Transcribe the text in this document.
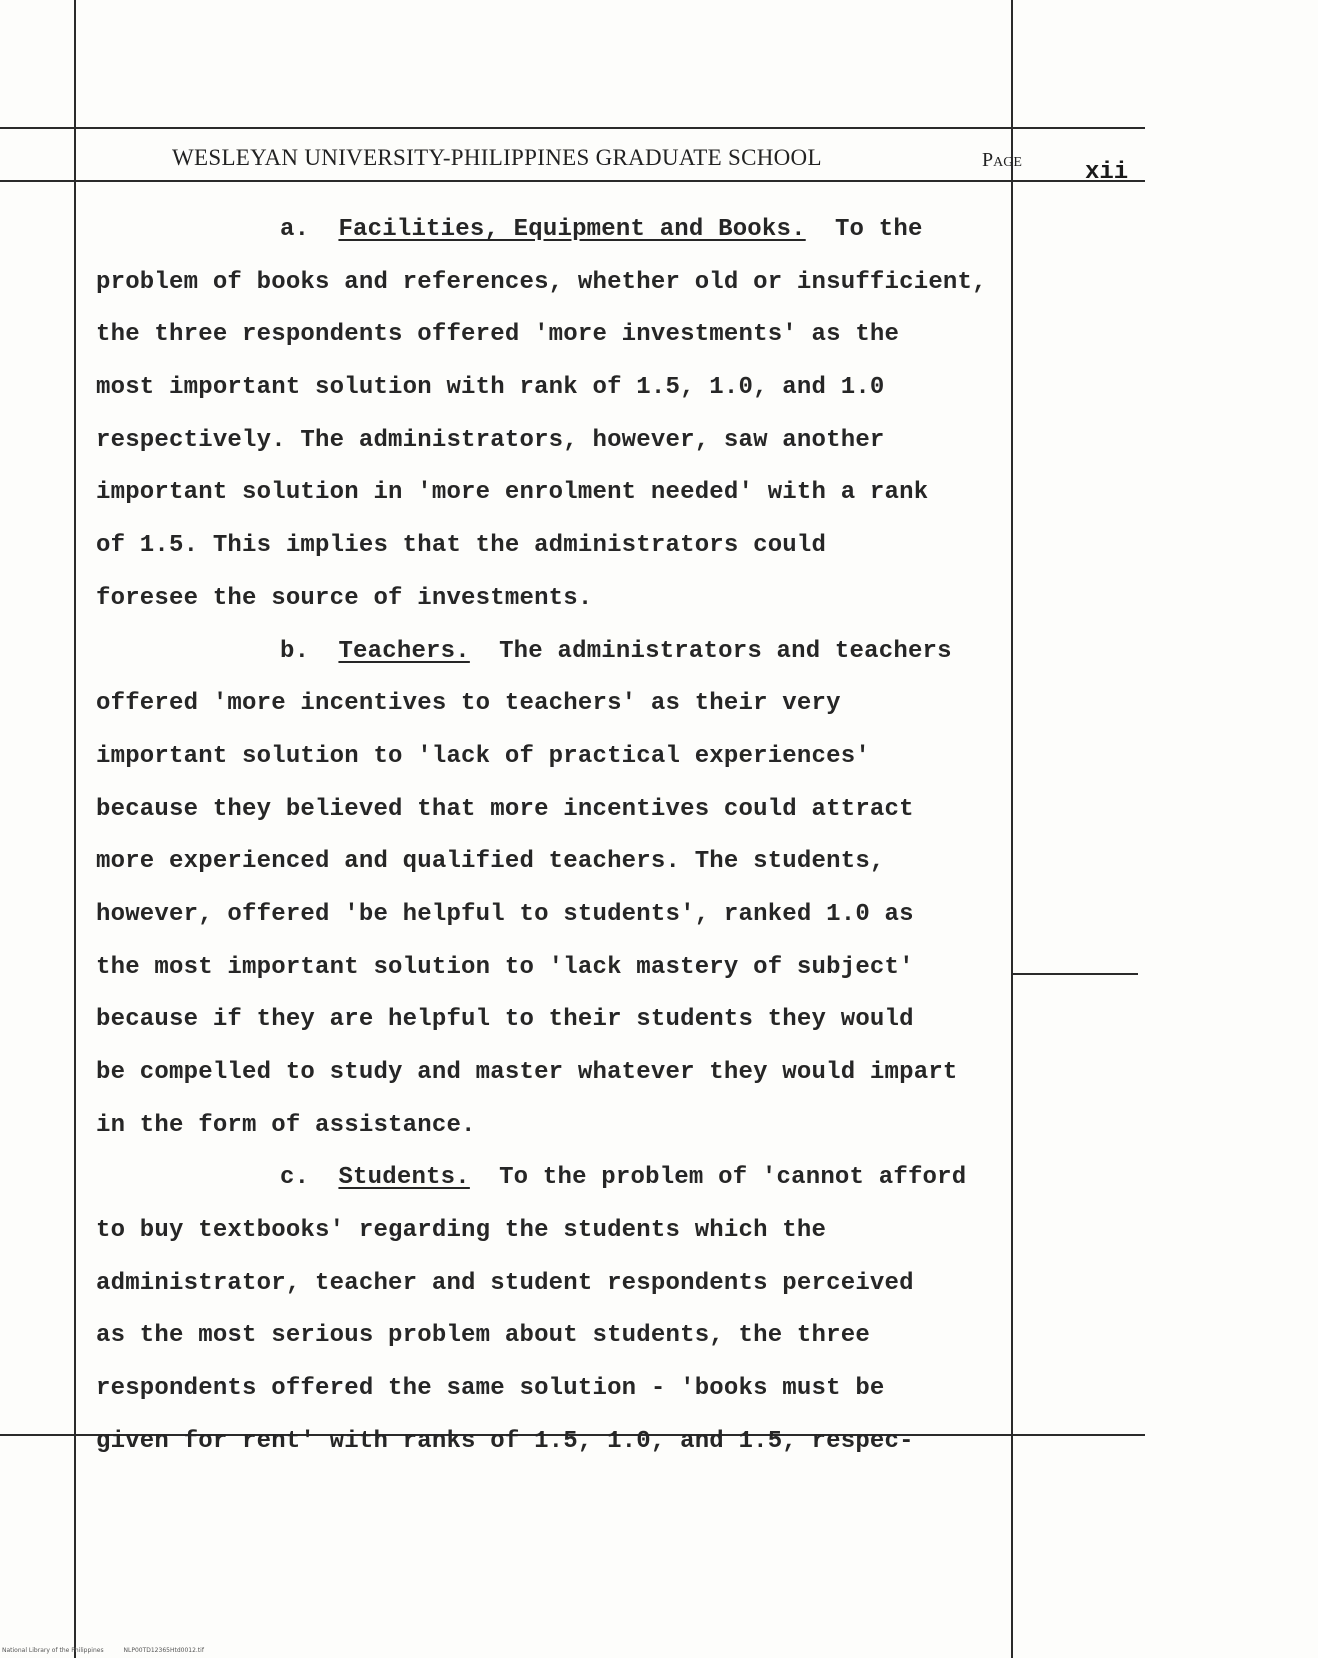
WESLEYAN UNIVERSITY-PHILIPPINES GRADUATE SCHOOL	Page	xii
a. Facilities, Equipment and Books. To the
problem of books and references, whether old or insufficient,
the three respondents offered 'more investments' as the
most important solution with rank of 1.5, 1.0, and 1.0
respectively. The administrators, however, saw another
important solution in 'more enrolment needed' with a rank
of 1.5. This implies that the administrators could
foresee the source of investments.
b. Teachers. The administrators and teachers
offered 'more incentives to teachers' as their very
important solution to 'lack of practical experiences'
because they believed that more incentives could attract
more experienced and qualified teachers. The students,
however, offered 'be helpful to students', ranked 1.0 as
the most important solution to 'lack mastery of subject'
because if they are helpful to their students they would
be compelled to study and master whatever they would impart
in the form of assistance.
c. Students. To the problem of 'cannot afford
to buy textbooks' regarding the students which the
administrator, teacher and student respondents perceived
as the most serious problem about students, the three
respondents offered the same solution - 'books must be
given for rent' with ranks of 1.5, 1.0, and 1.5, respec-
National Library of the Philippines	NLP00TD12365Htd0012.tif
